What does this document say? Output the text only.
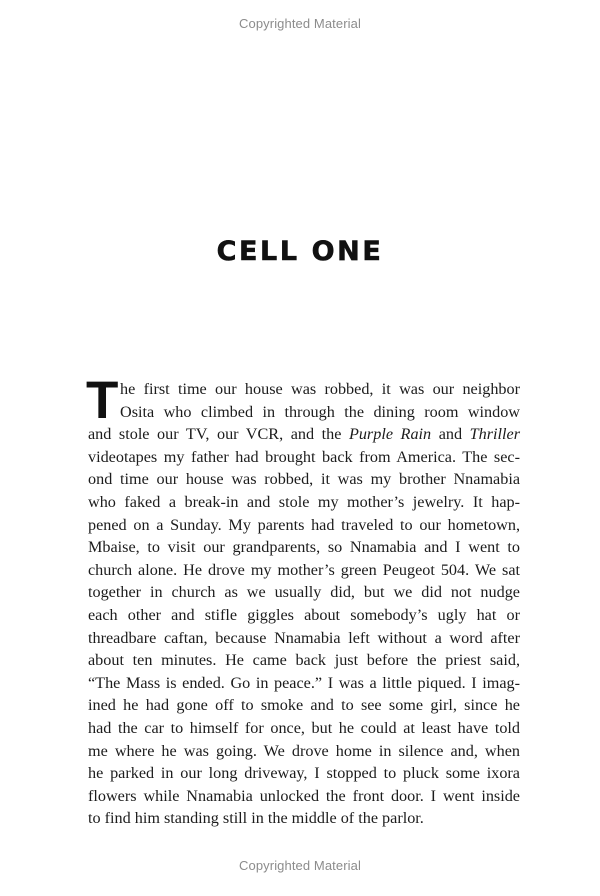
Copyrighted Material
CELL ONE
T he first time our house was robbed, it was our neighbor
Osita who climbed in through the dining room window
and stole our TV, our VCR, and the Purple Rain and Thriller
videotapes my father had brought back from America. The sec-
ond time our house was robbed, it was my brother Nnamabia
who faked a break-in and stole my mother’s jewelry. It hap-
pened on a Sunday. My parents had traveled to our hometown,
Mbaise, to visit our grandparents, so Nnamabia and I went to
church alone. He drove my mother’s green Peugeot 504. We sat
together in church as we usually did, but we did not nudge
each other and stifle giggles about somebody’s ugly hat or
threadbare caftan, because Nnamabia left without a word after
about ten minutes. He came back just before the priest said,
“The Mass is ended. Go in peace.” I was a little piqued. I imag-
ined he had gone off to smoke and to see some girl, since he
had the car to himself for once, but he could at least have told
me where he was going. We drove home in silence and, when
he parked in our long driveway, I stopped to pluck some ixora
flowers while Nnamabia unlocked the front door. I went inside
to find him standing still in the middle of the parlor.
Copyrighted Material
